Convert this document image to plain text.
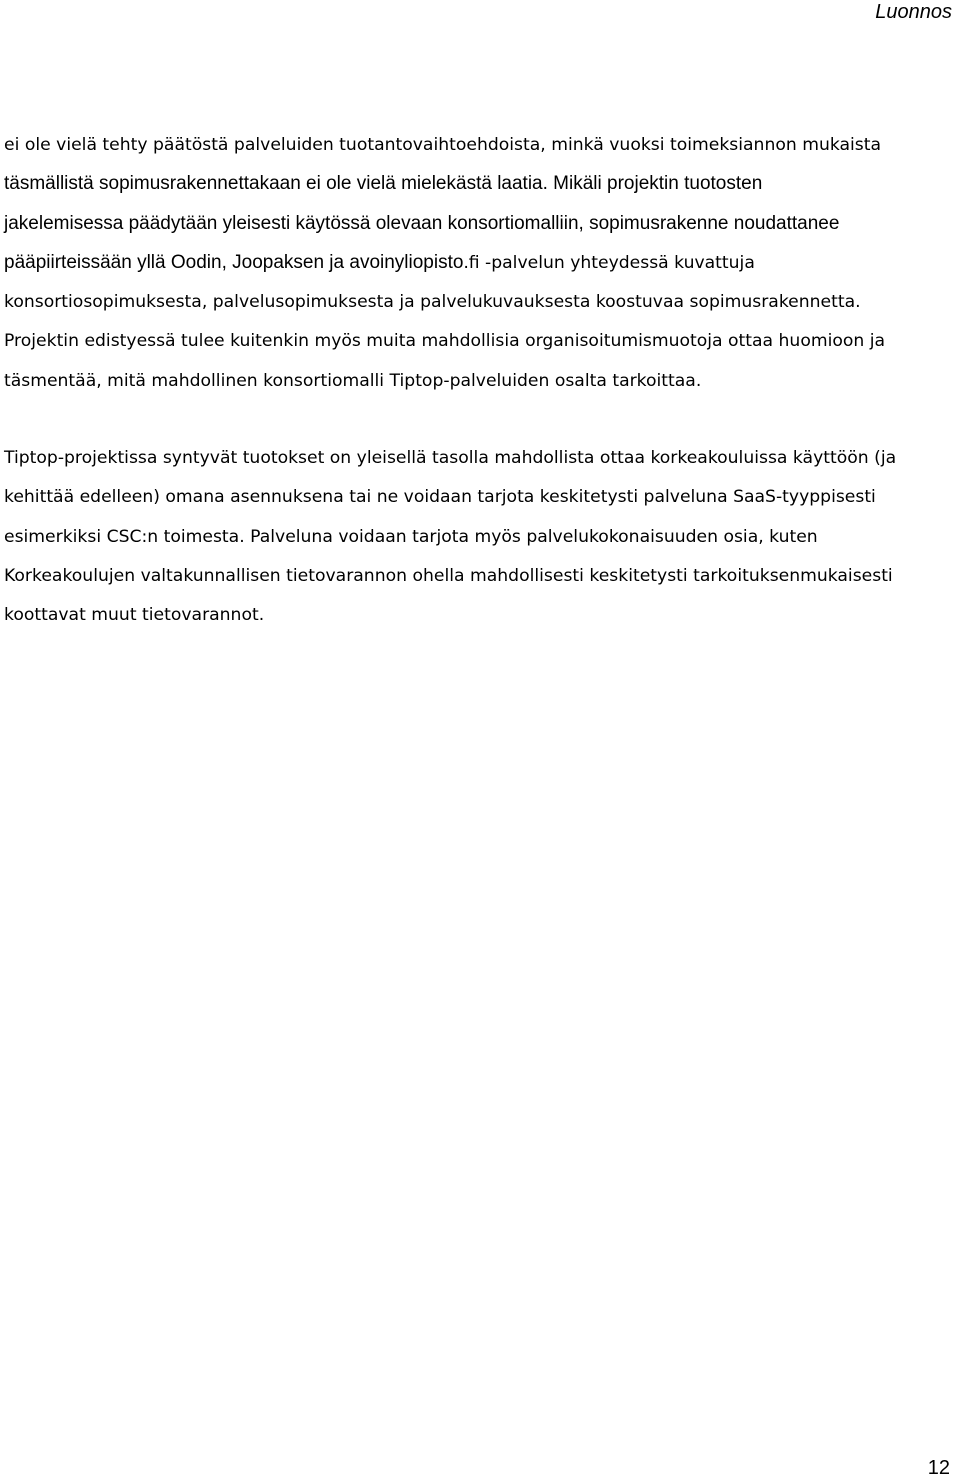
Luonnos
ei ole vielä tehty päätöstä palveluiden tuotantovaihtoehdoista, minkä vuoksi toimeksiannon mukaista
täsmällistä sopimusrakennettakaan ei ole vielä mielekästä laatia. Mikäli projektin tuotosten
jakelemisessa päädytään yleisesti käytössä olevaan konsortiomalliin, sopimusrakenne noudattanee
pääpiirteissään yllä Oodin, Joopaksen ja avoinyliopisto.fi -palvelun yhteydessä kuvattuja
konsortiosopimuksesta, palvelusopimuksesta ja palvelukuvauksesta koostuvaa sopimusrakennetta.
Projektin edistyessä tulee kuitenkin myös muita mahdollisia organisoitumismuotoja ottaa huomioon ja
täsmentää, mitä mahdollinen konsortiomalli Tiptop-palveluiden osalta tarkoittaa.
Tiptop-projektissa syntyvät tuotokset on yleisellä tasolla mahdollista ottaa korkeakouluissa käyttöön (ja
kehittää edelleen) omana asennuksena tai ne voidaan tarjota keskitetysti palveluna SaaS-tyyppisesti
esimerkiksi CSC:n toimesta. Palveluna voidaan tarjota myös palvelukokonaisuuden osia, kuten
Korkeakoulujen valtakunnallisen tietovarannon ohella mahdollisesti keskitetysti tarkoituksenmukaisesti
koottavat muut tietovarannot.
12
